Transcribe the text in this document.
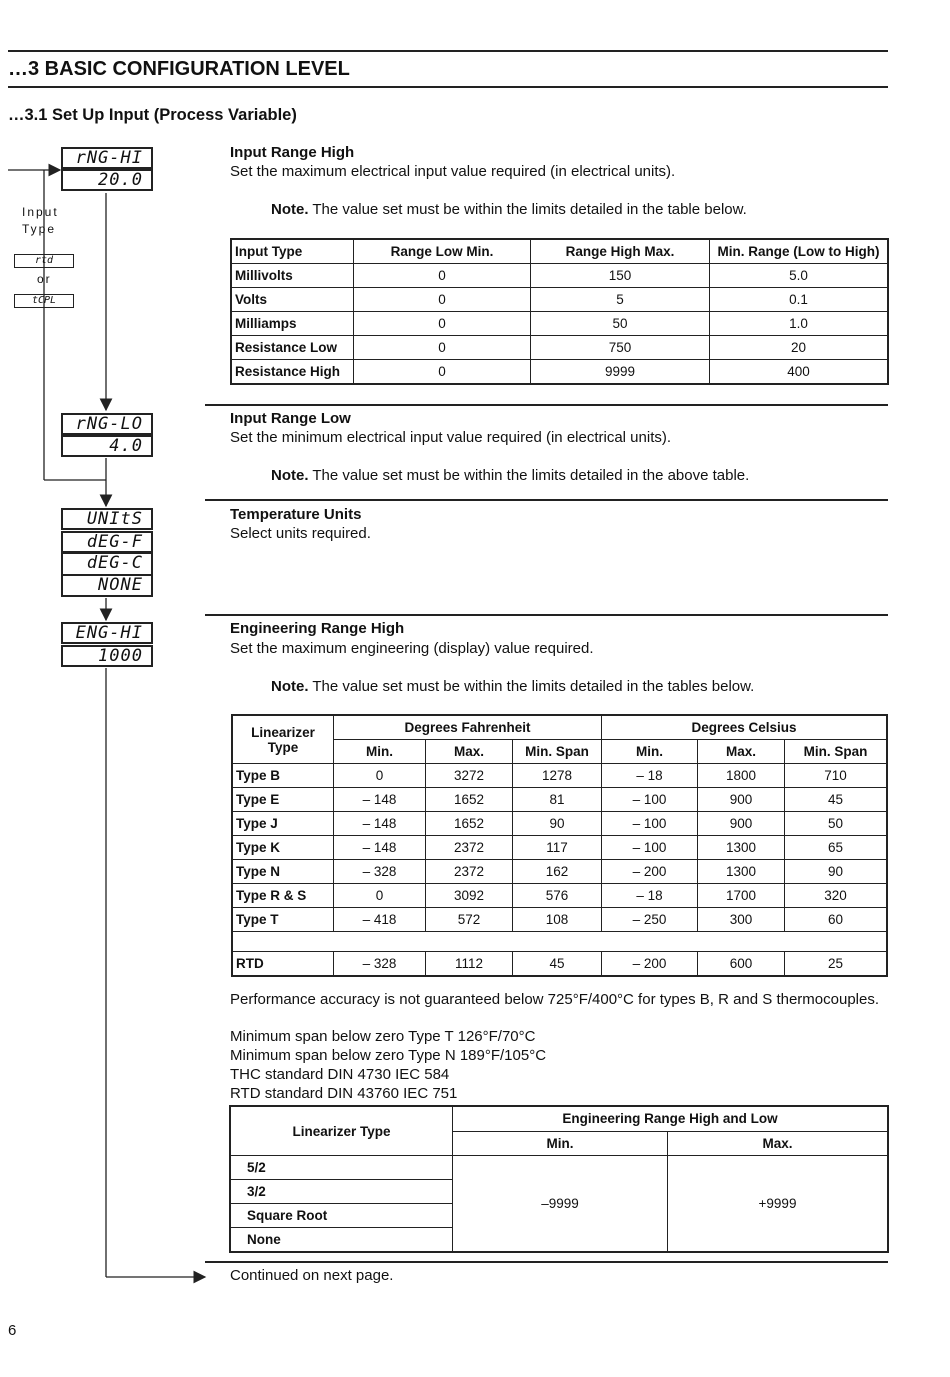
…3 BASIC CONFIGURATION LEVEL
…3.1 Set Up Input (Process Variable)
rNG-HI
20.0
Input
Type
rtd
or
tCPL
rNG-LO
4.0
UNItS
dEG-F
dEG-C
NONE
ENG-HI
1000
Input Range High
Set the maximum electrical input value required (in electrical units).
Note. The value set must be within the limits detailed in the table below.
Input Type	Range Low Min.	Range High Max.	Min. Range (Low to High)
Millivolts	0	150	5.0
Volts	0	5	0.1
Milliamps	0	50	1.0
Resistance Low	0	750	20
Resistance High	0	9999	400
Input Range Low
Set the minimum electrical input value required (in electrical units).
Note. The value set must be within the limits detailed in the above table.
Temperature Units
Select units required.
Engineering Range High
Set the maximum engineering (display) value required.
Note. The value set must be within the limits detailed in the tables below.
Linearizer Type	Degrees Fahrenheit			Degrees Celsius		
	Min.	Max.	Min. Span	Min.	Max.	Min. Span
Type B	0	3272	1278	– 18	1800	710
Type E	– 148	1652	81	– 100	900	45
Type J	– 148	1652	90	– 100	900	50
Type K	– 148	2372	117	– 100	1300	65
Type N	– 328	2372	162	– 200	1300	90
Type R & S	0	3092	576	– 18	1700	320
Type T	– 418	572	108	– 250	300	60

RTD	– 328	1112	45	– 200	600	25
Performance accuracy is not guaranteed below 725°F/400°C for types B, R and S thermocouples.
Minimum span below zero Type T 126°F/70°C
Minimum span below zero Type N 189°F/105°C
THC standard DIN 4730 IEC 584
RTD standard DIN 43760 IEC 751
Linearizer Type	Engineering Range High and Low	
	Min.	Max.
5/2	–9999	+9999
3/2		
Square Root		
None		
Continued on next page.
6
